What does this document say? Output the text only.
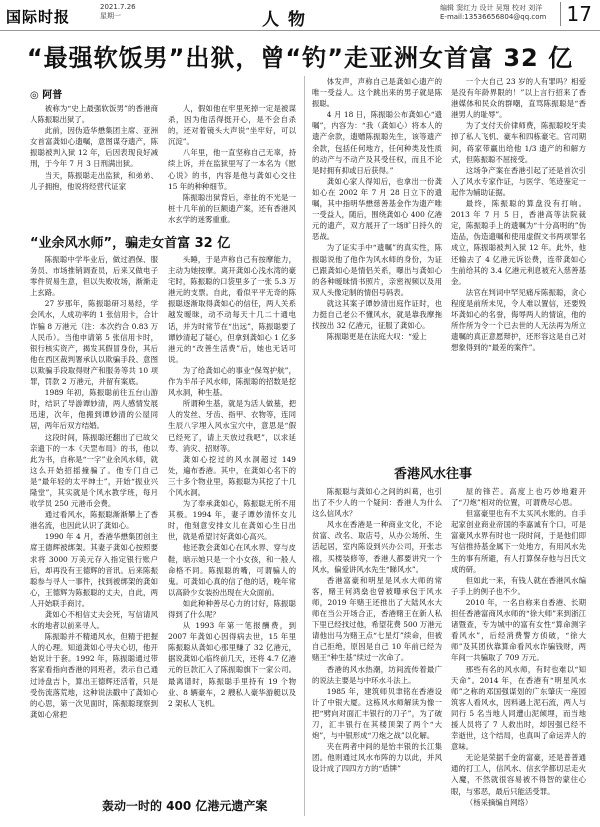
国际时报
2021.7.26
星期一	人物
编辑 窦红力 设计 吴翔 校对 刘洋
E-mail:13536656804@qq.com	17
“最强软饭男”出狱，曾“钓”走亚洲女首富 32 亿
◎ 阿普

被称为“史上最强软饭男”的香港商人陈振聪出狱了。

此前，因伪造华懋集团主席、亚洲女首富龚如心遗嘱，意图谋夺遗产，陈振聪被判入狱 12 年，后因表现良好减刑，于今年 7 月 3 日刑满出狱。

当天，陈振聪走出监狱，和弟弟、儿子拥抱，他说将经营代证家

人，假如他在牢里死掉一定是被谋杀，因为他活得挺开心，是不会自杀的，还对着镜头大声说“坐牢好，可以沉淀”。

八年里，他一直坚称自己无辜，持续上诉，并在监狱里写了一本名为《慰心说》的书，内容是他与龚如心交往 15 年的种种细节。

陈振聪出狱背后，牵扯的不光是一桩十几年前的巨额遗产案，还有香港风水玄学的迷雾重重。

“业余风水师”，骗走女首富 32 亿

陈振聪中学毕业后，做过酒保、服务员、市场推销调查员，后来又做电子零件贸易生意，但以失败收场，渐渐走上玄路。

27 岁那年，陈振聪研习易经，学会风水，人成功率的 1 张信用卡，合计诈骗 8 万港元（注：本次约合 0.83 万人民币）。当他申请第 5 张信用卡时，银行核实资产，揭发其假冒身份，其后他在西区裁判署承认以欺骗手段、意图以欺骗手段取得财产和服务等共 10 项罪，罚款 2 万港元，并留有案底。

1989 年初，陈振聪前往五台山游时，结识了导游谭妙清，两人感情发展迅速，次年，他搬到谭妙清的公屋同居，两年后双方结婚。

这段时间，陈振聪还翻出了已故父亲遗下的一本《天罡布局》的书，他以此为书，自称是“一字”业余风水师，就这么开始招摇撞骗了。他专门自己是“最年轻的太平绅士”，开始“振业兴隆堂”，其实就是个风水教学班，每月收学员 250 元港币会费。

通过看风水，陈振聪渐渐攀上了香港名流，也因此认识了龚如心。

1990 年 4 月，香港华懋集团创主席王德辉被绑架。其妻子龚如心按照要求将 3000 万美元存入指定银行账户后，却再没有王德辉的音讯。后来陈振聪参与寻人一事件，找到被绑架的龚如心，王德辉为陈振聪的丈夫，自此，两人开始联手商讨。

龚如心不相信丈夫会死，写信请风水的地者以前来寻人。

陈振聪并不精通风水，但精于把握人的心理。知道龚如心寻夫心切，他开始说计于套。1992 年，陈振聪通过带客家看指向香港的同班者，表示自己通过诗盘吉卜，算出王德辉还活着，只是受伤流落荒地，这种说法戳中了龚如心的心思，第一次见面时，陈振聪现察到龚如心常把

头睡，于是声称自己有按摩能力，主动为她按摩。离开龚如心浅水湾的豪宅时，陈振聪的口袋里多了一张 5.3 万港元的支票。自此，看似平平无奇的陈振聪逐渐取得龚如心的信任，两人关系越发暧昧，动不动每天十几二十通电话，并为时常节在“出远”，陈振聪要了谭妙清起了疑心，但拿到龚如心 1 亿多港元的“改善生活费”后，她也无话可说。

为了给龚如心的事业“保驾护航”，作为半吊子风水师，陈振聪的招数是挖风水洞，种生基。

所谓种生基，就是为活人做墓，把人的发丝、牙齿、指甲、衣物等，连同生辰八字埋入风水宝穴中，意思是“假已经死了，请上天放过我吧”，以求延寿、消灾、招财等。

龚如心挖过的风水洞超过 149 处，遍布香港。其中，在龚如心名下的三十多个物业里，陈振聪为其挖了十几个风水洞。

为了奉承龚如心，陈振聪无所不用其极。1994 年，妻子谭妙清怀女儿时，他刻意安排女儿在龚如心生日出世，就是希望讨好龚如心高兴。

他还教会龚如心在风水界、穿与皮鞋，暗示她只是一个小女孩，和一般人命格不同。陈振聪的嘴，可谓骗人的鬼。可龚如心真的信了他的话，晚年常以高龄少女装扮出现在大众面前。

如此种种善尽心力的讨好，陈振聪得到了什么呢？

从 1993 年第一笔报酬费，到 2007 年龚如心因得病去世，15 年里陈振聪从龚如心那里赚了 32 亿港元，据说龚如心临终前几天，还将 4.7 亿港元的巨款汇入了陈振聪旗下一家公司。最离谱时，陈振聪手里持有 19 个物业、8 辆豪车，2 艘私人豪华游艇以及 2 架私人飞机。

体发声，声称自己是龚如心遗产的唯一受益人。这个跳出来的男子就是陈振聪。

4 月 18 日，陈振聪公布龚如心“遗嘱”，内容为：“我（龚如心）将本人的遗产余款，遗赠陈振聪先生，该等遗产余款，包括任何地方，任何种类及性质的动产与不动产及其受任权，而且不论是时拥有抑或日后获得。”

龚如心家人得知后，也拿出一份龚如心在 2002 年 7 月 28 日立下的遗嘱，其中指明华懋慈善基金作为遗产唯一受益人，随后，围绕龚如心 400 亿港元的遗产，双方展开了一场旷日持久的恶战。

为了证实手中“遗嘱”的真实性，陈振聪说他了他作为风水师的身份，为证已跟龚如心是情侣关系，曝出与龚如心的各种暧昧情书照片，亲密视频以及用双人头像定制的情侣号码表。

就这其案子谭妙清出庭作证时，也力挺自己老公不懂风水，就是靠我摩拖找按出 32 亿港元，征服了龚如心。

陈振聪更是在法庭大叹：“爱上

一个大自己 23 岁的人有罪吗？相爱是没有年龄界限的！”以上言行招来了香港媒体和民众的群嘲，直骂陈振聪是“香港男人的耻辱”。

为了支付天价律师费，陈振聪咬牙卖掉了私人飞机、豪车和四栋豪宅。官司期间，蒋家带赢出给他 1/3 遗产的和解方式，但陈振聪不屈接受。

这场争产案在香港引起了还是首次引入了风水专家作证，与医学、笔迹鉴定一起作为辅助证据。

最终，陈振聪的算盘没有打响。2013 年 7 月 5 日，香港高等法院裁定，陈振聪手上的遗嘱为“十分高明的”伪造品，伪造遗嘱和使用虚假文书两项罪名成立，陈振聪被判入狱 12 年。此外，他还输去了 4 亿港元诉讼费，连带龚如心生前给其的 3.4 亿港元利息被充入慈善基金。

法官在判词中罕见痛斥陈振聪，贪心程度是前所未见，令人难以置信，还要毁坏龚如心的名誉，侮辱两人的情谊，他的所作所为令一个已去世的人无法再为所立遗嘱的真正意愿辩护，还形容这是自己对想象得到的“最差的案件”。

香港风水往事

陈振聪与龚如心之间的纠葛，也引出了不少人的一个疑问：香港人为什么这么信风水？

风水在香港是一种商业文化，不论贫富、改名、取店号，从办公场所、生活起居，室内陈设到兴办公司，开张志禧，买楼装修等，香港人都要讲究一个风水，偏爱讲风水先生“睇风水”。

香港富豪和明星是风水大师的常客，赌王何鸿燊也曾被曝承包于风水师，2019 年赌王还推出了大陆风水大师在当公开场合正，香港赌王在新人私下里已经找过他，希望花费 500 万港元请他出马为赌王点“七星灯”续命，但被自己拒绝，原因是自己 10 年前已经为赌王“种生基”续过一次命了。

香港的风水热潮，坊间流传着最广的说法主要是与中环水斗法上。

1985 年，建筑师贝聿铭在香港设计了中银大厦。这栋风水师解读为像一把“劈向对面汇丰银行的刀子”，为了破刀，汇丰银行在其楼顶架了两个“大炮”，与中银形成“刀炮之战”以化解。

夹在两者中间的是怡丰银的长江集团。他则通过风水布阵的力以此，并风设计成了四四方方的“盾牌”

屋的锋芒。高度上也巧妙地避开了“刀炮”相对的位置，可谓费尽心思。

但富豪里也有不太买风水账的。自手起家创业商业帝国的李嘉诚有个口，可是富豪风水界有时也一段时间，于是他们即写信推持基金属下一处地方，有用风水先生的事有所避，有人打算保存他与吕氏文成的研。

但如此一来，有钱人就在香港风水编子手上的例子也不少。

2010 年，一名自称来自香港、长期担任香港富商风水师的“徐大师”来到浙江诸暨查，专为城中的富有女性“算命测字看风水”，后经消费警方侦破，“徐大师”及其团伙靠算命看风水诈骗钱财，两年间一共骗取了 709 万元。

那些有名的风水师，有时也难以“知天命”。2014 年，在香港有“明星风水师”之称的邓国强谋划的广东肇庆一座园筑客人看风水，因料遇上泥石流，两人与同行 5 名当地人同遭山泥倾埋，而当地援人员将了 7 人救出时，却因强已经不幸逝世，这个结局，也真叫了命运弄人的意味。

无论是荣据千金的富豪，还是普普通通的打工人，信风水、信玄学都切忌走火入魔，不然就很容易被不得智的蒙住心眼，与邪恶，最后只能活受罪。

（杨采摘编自网络）

轰动一时的 400 亿港元遗产案
